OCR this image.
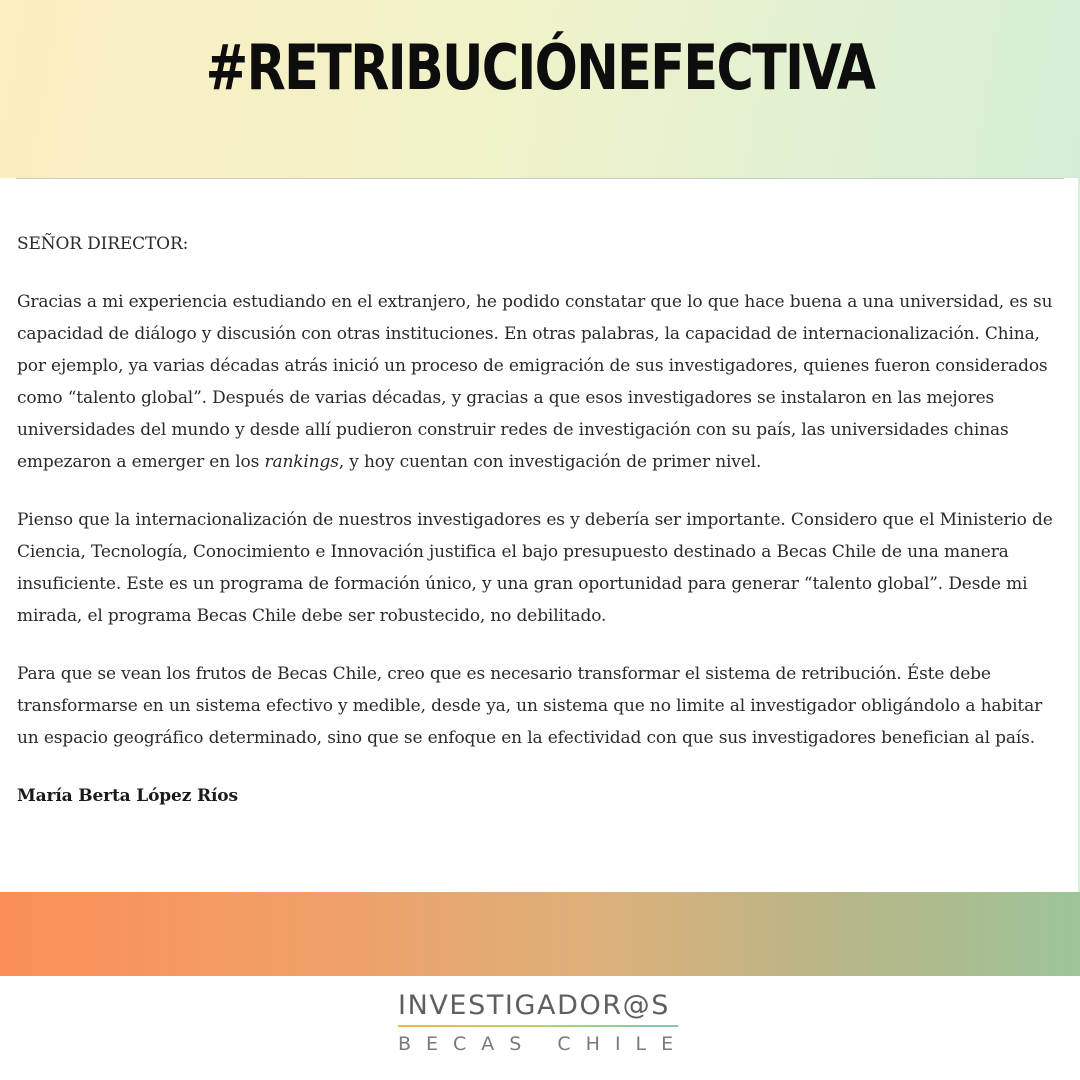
#RETRIBUCIÓNEFECTIVA

SEÑOR DIRECTOR:

Gracias a mi experiencia estudiando en el extranjero, he podido constatar que lo que hace buena a una universidad, es su capacidad de diálogo y discusión con otras instituciones. En otras palabras, la capacidad de internacionalización. China, por ejemplo, ya varias décadas atrás inició un proceso de emigración de sus investigadores, quienes fueron considerados como “talento global”. Después de varias décadas, y gracias a que esos investigadores se instalaron en las mejores universidades del mundo y desde allí pudieron construir redes de investigación con su país, las universidades chinas empezaron a emerger en los rankings, y hoy cuentan con investigación de primer nivel.

Pienso que la internacionalización de nuestros investigadores es y debería ser importante. Considero que el Ministerio de Ciencia, Tecnología, Conocimiento e Innovación justifica el bajo presupuesto destinado a Becas Chile de una manera insuficiente. Este es un programa de formación único, y una gran oportunidad para generar “talento global”. Desde mi mirada, el programa Becas Chile debe ser robustecido, no debilitado.

Para que se vean los frutos de Becas Chile, creo que es necesario transformar el sistema de retribución. Éste debe transformarse en un sistema efectivo y medible, desde ya, un sistema que no limite al investigador obligándolo a habitar un espacio geográfico determinado, sino que se enfoque en la efectividad con que sus investigadores benefician al país.

María Berta López Ríos

INVESTIGADOR@S
BECAS CHILE
